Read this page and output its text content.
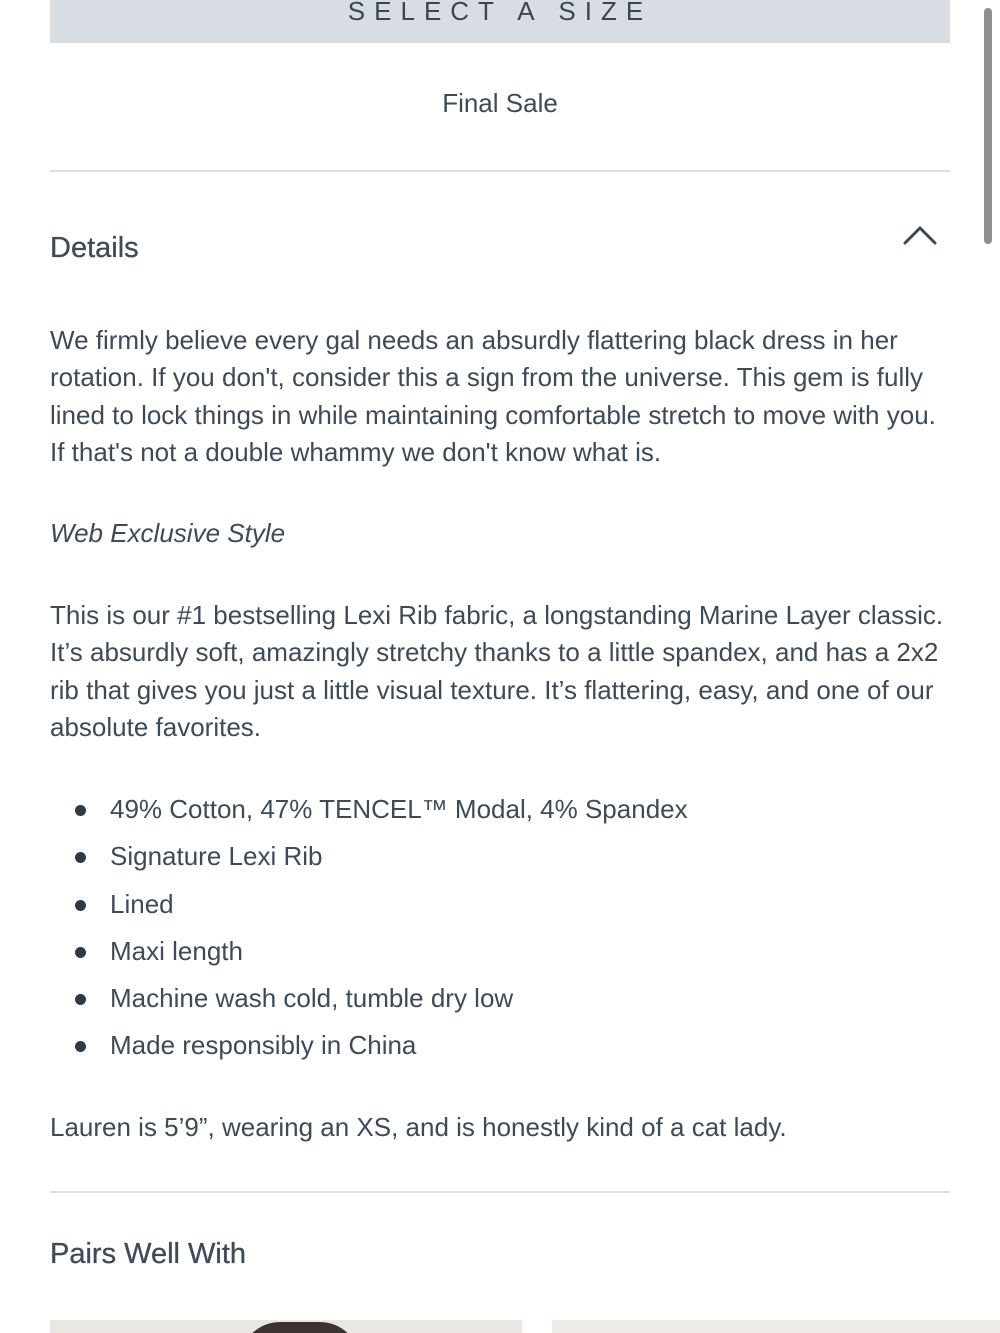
SELECT A SIZE
Final Sale
Details

We firmly believe every gal needs an absurdly flattering black dress in her rotation. If you don't, consider this a sign from the universe. This gem is fully lined to lock things in while maintaining comfortable stretch to move with you. If that's not a double whammy we don't know what is.

Web Exclusive Style

This is our #1 bestselling Lexi Rib fabric, a longstanding Marine Layer classic. It’s absurdly soft, amazingly stretchy thanks to a little spandex, and has a 2x2 rib that gives you just a little visual texture. It’s flattering, easy, and one of our absolute favorites.

49% Cotton, 47% TENCEL™ Modal, 4% Spandex
Signature Lexi Rib
Lined
Maxi length
Machine wash cold, tumble dry low
Made responsibly in China

Lauren is 5’9”, wearing an XS, and is honestly kind of a cat lady.

Pairs Well With
